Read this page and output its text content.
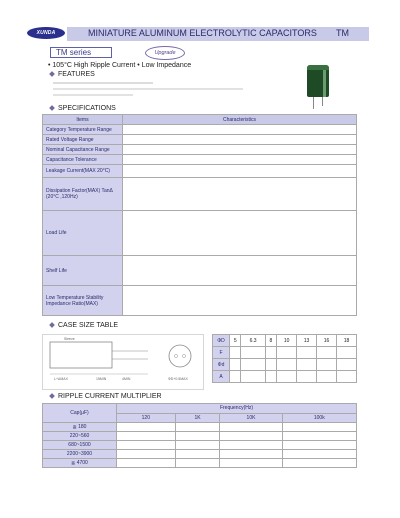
XUNDA	MINIATURE ALUMINUM ELECTROLYTIC CAPACITORS TM
TM series	Upgrade
• 105°C High Ripple Current • Low Impedance
FEATURES
SPECIFICATIONS
Items	Characteristics
Category Temperature Range	
Rated Voltage Range	
Nominal Capacitance Range	
Capacitance Tolerance	
Leakage Current(MAX 20°C)	
Dissipation Factor(MAX) TanΔ (20°C ,120Hz)	
Load Life	
Shelf Life	
Low Temperature Stability Impedance Ratio(MAX)	
CASE SIZE TABLE
Sleeve
L+ΔMAX	15MIN	4MIN	ΦD+0.5MAX
ΦD	5	6.3	8	10	13	16	18
F							
Φd							
A							
RIPPLE CURRENT MULTIPLIER
Cap(μF)	Frequency(Hz)			
	120	1K	10K	100k
≦ 180				
220~560				
680~1500				
2200~3900				
≧ 4700				
